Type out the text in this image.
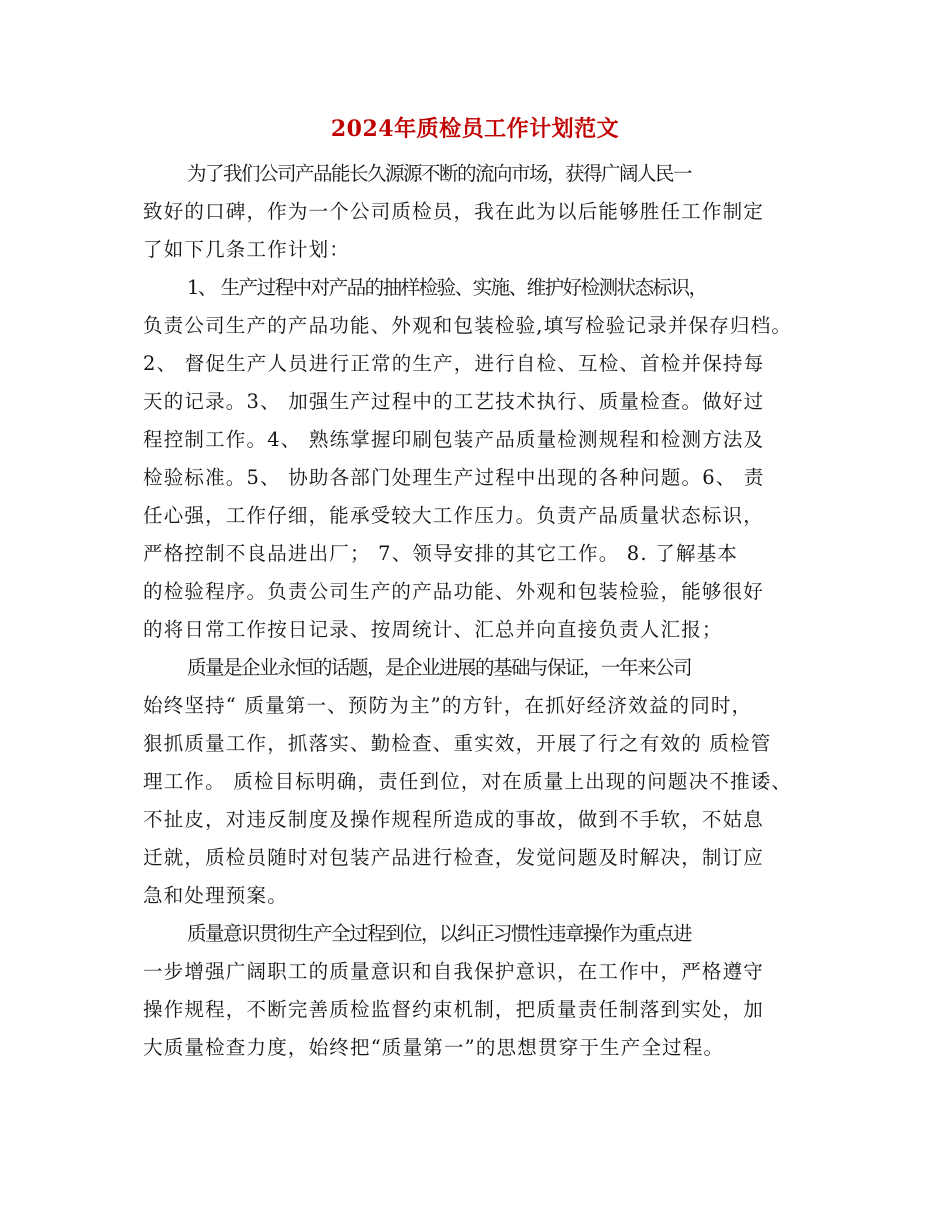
2024年质检员工作计划范文
为了我们公司产品能长久源源不断的流向市场，获得广阔人民一
致好的口碑，作为一个公司质检员，我在此为以后能够胜任工作制定
了如下几条工作计划：
1、 生产过程中对产品的抽样检验、实施、维护好检测状态标识，
负责公司生产的产品功能、外观和包装检验,填写检验记录并保存归档。
2、 督促生产人员进行正常的生产，进行自检、互检、首检并保持每
天的记录。3、 加强生产过程中的工艺技术执行、质量检查。做好过
程控制工作。4、 熟练掌握印刷包装产品质量检测规程和检测方法及
检验标准。5、 协助各部门处理生产过程中出现的各种问题。6、 责
任心强，工作仔细，能承受较大工作压力。负责产品质量状态标识，
严格控制不良品进出厂； 7、领导安排的其它工作。 8. 了解基本
的检验程序。负责公司生产的产品功能、外观和包装检验，能够很好
的将日常工作按日记录、按周统计、汇总并向直接负责人汇报；
质量是企业永恒的话题，是企业进展的基础与保证，一年来公司
始终坚持“ 质量第一、预防为主”的方针，在抓好经济效益的同时，
狠抓质量工作，抓落实、勤检查、重实效，开展了行之有效的 质检管
理工作。 质检目标明确，责任到位，对在质量上出现的问题决不推诿、
不扯皮，对违反制度及操作规程所造成的事故，做到不手软，不姑息
迁就，质检员随时对包装产品进行检查，发觉问题及时解决，制订应
急和处理预案。
质量意识贯彻生产全过程到位，以纠正习惯性违章操作为重点进
一步增强广阔职工的质量意识和自我保护意识，在工作中，严格遵守
操作规程，不断完善质检监督约束机制，把质量责任制落到实处，加
大质量检查力度，始终把“质量第一”的思想贯穿于生产全过程。
